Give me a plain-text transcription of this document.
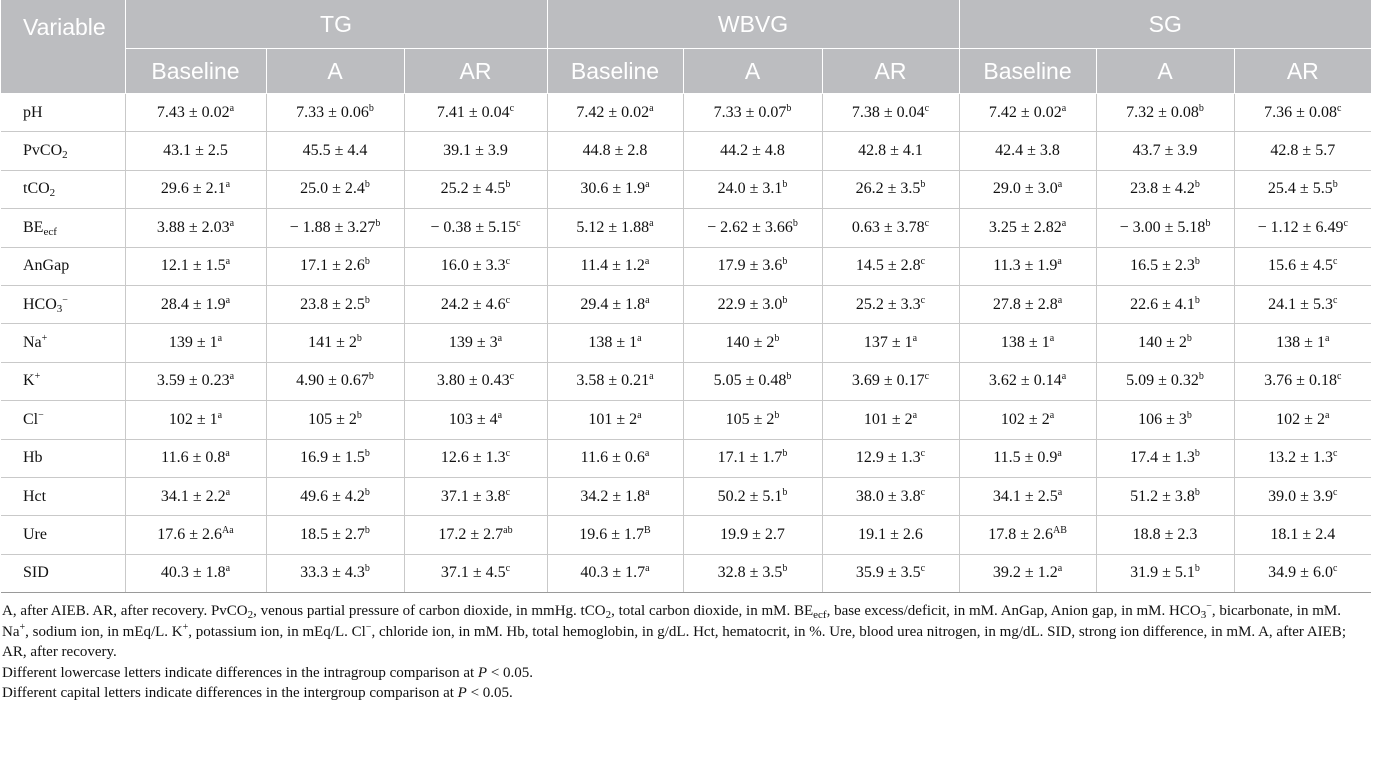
Variable	TG			WBVG			SG		
	Baseline	A	AR	Baseline	A	AR	Baseline	A	AR
pH	7.43 ± 0.02$^a$	7.33 ± 0.06$^b$	7.41 ± 0.04$^c$	7.42 ± 0.02$^a$	7.33 ± 0.07$^b$	7.38 ± 0.04$^c$	7.42 ± 0.02$^a$	7.32 ± 0.08$^b$	7.36 ± 0.08$^c$
PvCO$_2$	43.1 ± 2.5	45.5 ± 4.4	39.1 ± 3.9	44.8 ± 2.8	44.2 ± 4.8	42.8 ± 4.1	42.4 ± 3.8	43.7 ± 3.9	42.8 ± 5.7
tCO$_2$	29.6 ± 2.1$^a$	25.0 ± 2.4$^b$	25.2 ± 4.5$^b$	30.6 ± 1.9$^a$	24.0 ± 3.1$^b$	26.2 ± 3.5$^b$	29.0 ± 3.0$^a$	23.8 ± 4.2$^b$	25.4 ± 5.5$^b$
$BE_{ecf}$	3.88 ± 2.03$^a$	− 1.88 ± 3.27$^b$	− 0.38 ± 5.15$^c$	5.12 ± 1.88$^a$	− 2.62 ± 3.66$^b$	0.63 ± 3.78$^c$	3.25 ± 2.82$^a$	− 3.00 ± 5.18$^b$	− 1.12 ± 6.49$^c$
AnGap	12.1 ± 1.5$^a$	17.1 ± 2.6$^b$	16.0 ± 3.3$^c$	11.4 ± 1.2$^a$	17.9 ± 3.6$^b$	14.5 ± 2.8$^c$	11.3 ± 1.9$^a$	16.5 ± 2.3$^b$	15.6 ± 4.5$^c$
$HCO_3^-$	28.4 ± 1.9$^a$	23.8 ± 2.5$^b$	24.2 ± 4.6$^c$	29.4 ± 1.8$^a$	22.9 ± 3.0$^b$	25.2 ± 3.3$^c$	27.8 ± 2.8$^a$	22.6 ± 4.1$^b$	24.1 ± 5.3$^c$
Na+	$139 \pm 1^a$	$141 \pm 2^b$	$139 \pm 3^a$	$138 \pm 1^a$	$140 \pm 2^b$	$137 \pm 1^a$	$138 \pm 1^a$	$140 \pm 2^b$	$138 \pm 1^a$
K+	3.59 ± 0.23$^a$	4.90 ± 0.67$^b$	3.80 ± 0.43$^c$	3.58 ± 0.21$^a$	5.05 ± 0.48$^b$	3.69 ± 0.17$^c$	3.62 ± 0.14$^a$	5.09 ± 0.32$^b$	3.76 ± 0.18$^c$
Cl−	$102 \pm 1^a$	$105 \pm 2^b$	$103 \pm 4^a$	$101 \pm 2^a$	$105 \pm 2^b$	$101 \pm 2^a$	$102 \pm 2^a$	$106 \pm 3^b$	$102 \pm 2^a$
Hb	11.6 ± 0.8$^a$	16.9 ± 1.5$^b$	12.6 ± 1.3$^c$	11.6 ± 0.6$^a$	17.1 ± 1.7$^b$	12.9 ± 1.3$^c$	11.5 ± 0.9$^a$	17.4 ± 1.3$^b$	13.2 ± 1.3$^c$
Hct	34.1 ± 2.2$^a$	49.6 ± 4.2$^b$	37.1 ± 3.8$^c$	34.2 ± 1.8$^a$	50.2 ± 5.1$^b$	38.0 ± 3.8$^c$	34.1 ± 2.5$^a$	51.2 ± 3.8$^b$	39.0 ± 3.9$^c$
Ure	$17.6 \pm 2.6^{Aa}$	18.5 ± 2.7$^b$	17.2 ± 2.7$^{ab}$	$19.6 \pm 1.7^B$	19.9 ± 2.7	19.1 ± 2.6	$17.8 \pm 2.6^{AB}$	18.8 ± 2.3	18.1 ± 2.4
SID	40.3 ± 1.8$^a$	33.3 ± 4.3$^b$	37.1 ± 4.5$^c$	40.3 ± 1.7$^a$	32.8 ± 3.5$^b$	35.9 ± 3.5$^c$	39.2 ± 1.2$^a$	31.9 ± 5.1$^b$	34.9 ± 6.0$^c$

A, after AIEB. AR, after recovery. PvCO$_2$, venous partial pressure of carbon dioxide, in mmHg. tCO$_2$, total carbon dioxide, in mM. $BE_{ecf}$, base excess/deficit, in mM. AnGap, Anion gap, in mM. $HCO_3^-$, bicarbonate, in mM. Na+, sodium ion, in mEq/L. K+, potassium ion, in mEq/L. Cl−, chloride ion, in mM. Hb, total hemoglobin, in g/dL. Hct, hematocrit, in %. Ure, blood urea nitrogen, in mg/dL. SID, strong ion difference, in mM. A, after AIEB; AR, after recovery.

Different lowercase letters indicate differences in the intragroup comparison at P < 0.05.

Different capital letters indicate differences in the intergroup comparison at P < 0.05.
